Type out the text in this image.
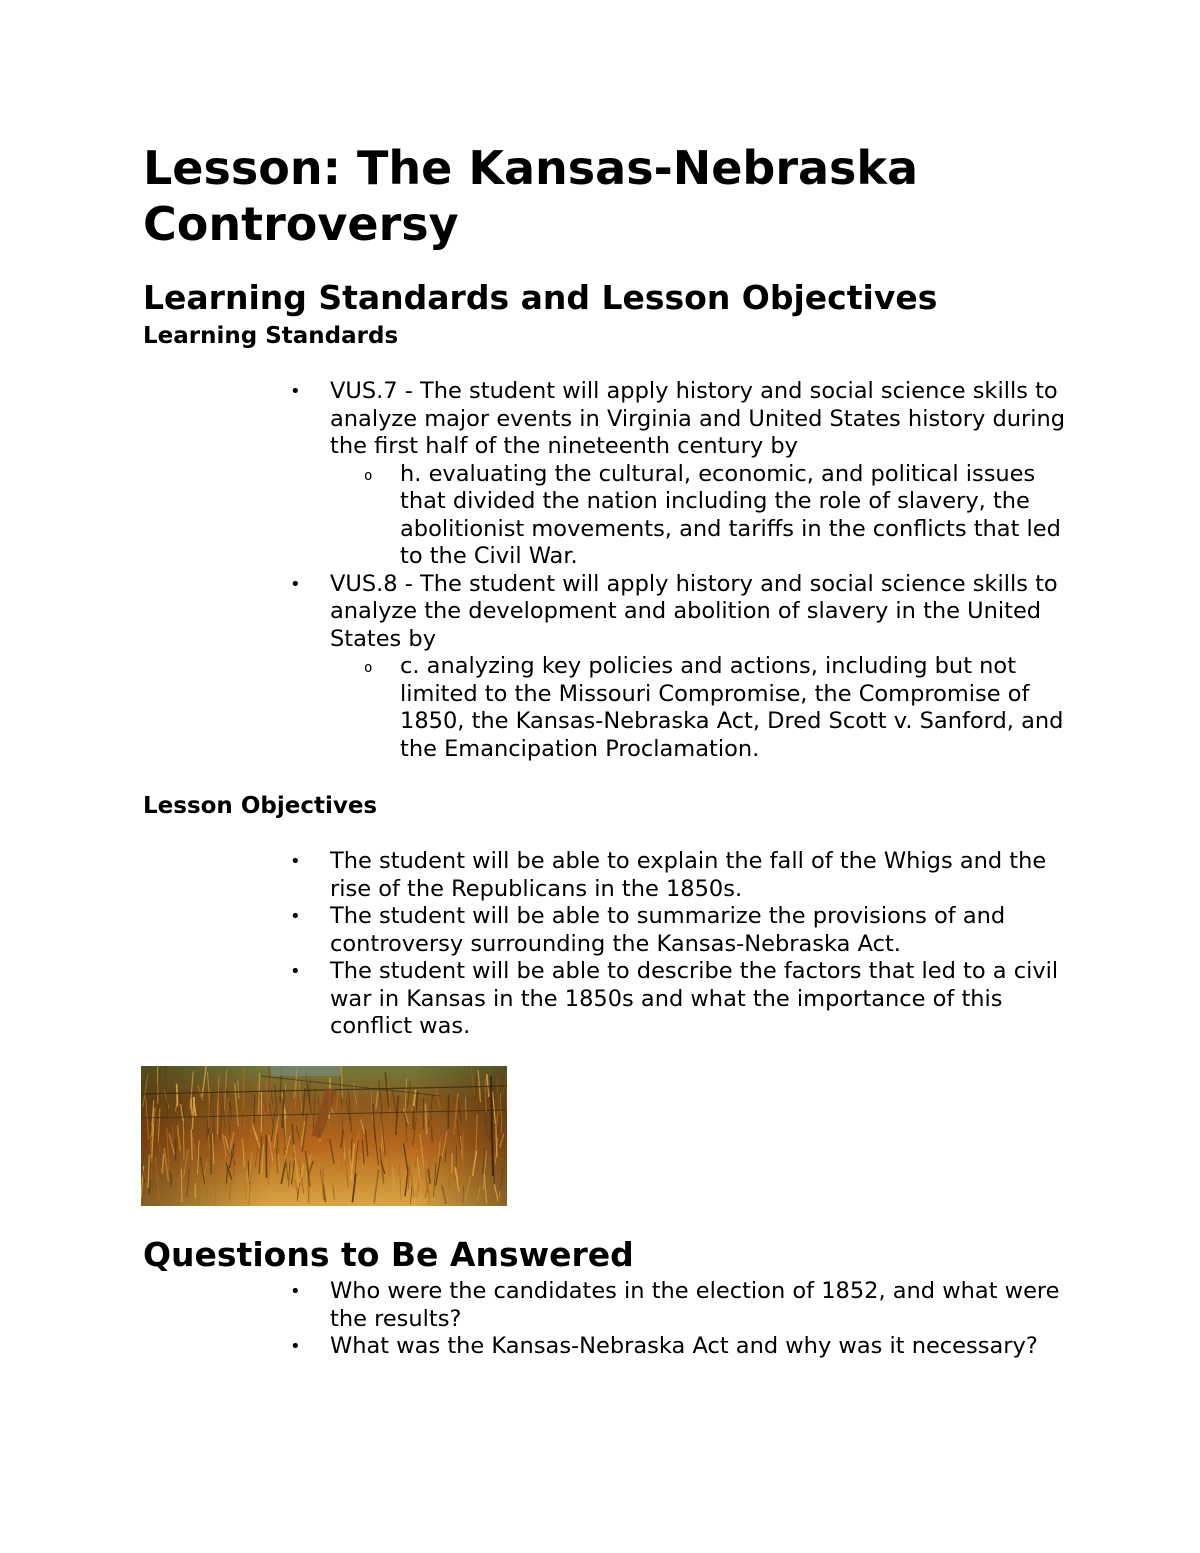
Lesson: The Kansas-Nebraska Controversy
Learning Standards and Lesson Objectives
Learning Standards
• VUS.7 - The student will apply history and social science skills to analyze major events in Virginia and United States history during the first half of the nineteenth century by
o h. evaluating the cultural, economic, and political issues that divided the nation including the role of slavery, the abolitionist movements, and tariffs in the conflicts that led to the Civil War.
• VUS.8 - The student will apply history and social science skills to analyze the development and abolition of slavery in the United States by
o c. analyzing key policies and actions, including but not limited to the Missouri Compromise, the Compromise of 1850, the Kansas-Nebraska Act, Dred Scott v. Sanford, and the Emancipation Proclamation.
Lesson Objectives
• The student will be able to explain the fall of the Whigs and the rise of the Republicans in the 1850s.
• The student will be able to summarize the provisions of and controversy surrounding the Kansas-Nebraska Act.
• The student will be able to describe the factors that led to a civil war in Kansas in the 1850s and what the importance of this conflict was.
Questions to Be Answered
• Who were the candidates in the election of 1852, and what were the results?
• What was the Kansas-Nebraska Act and why was it necessary?
